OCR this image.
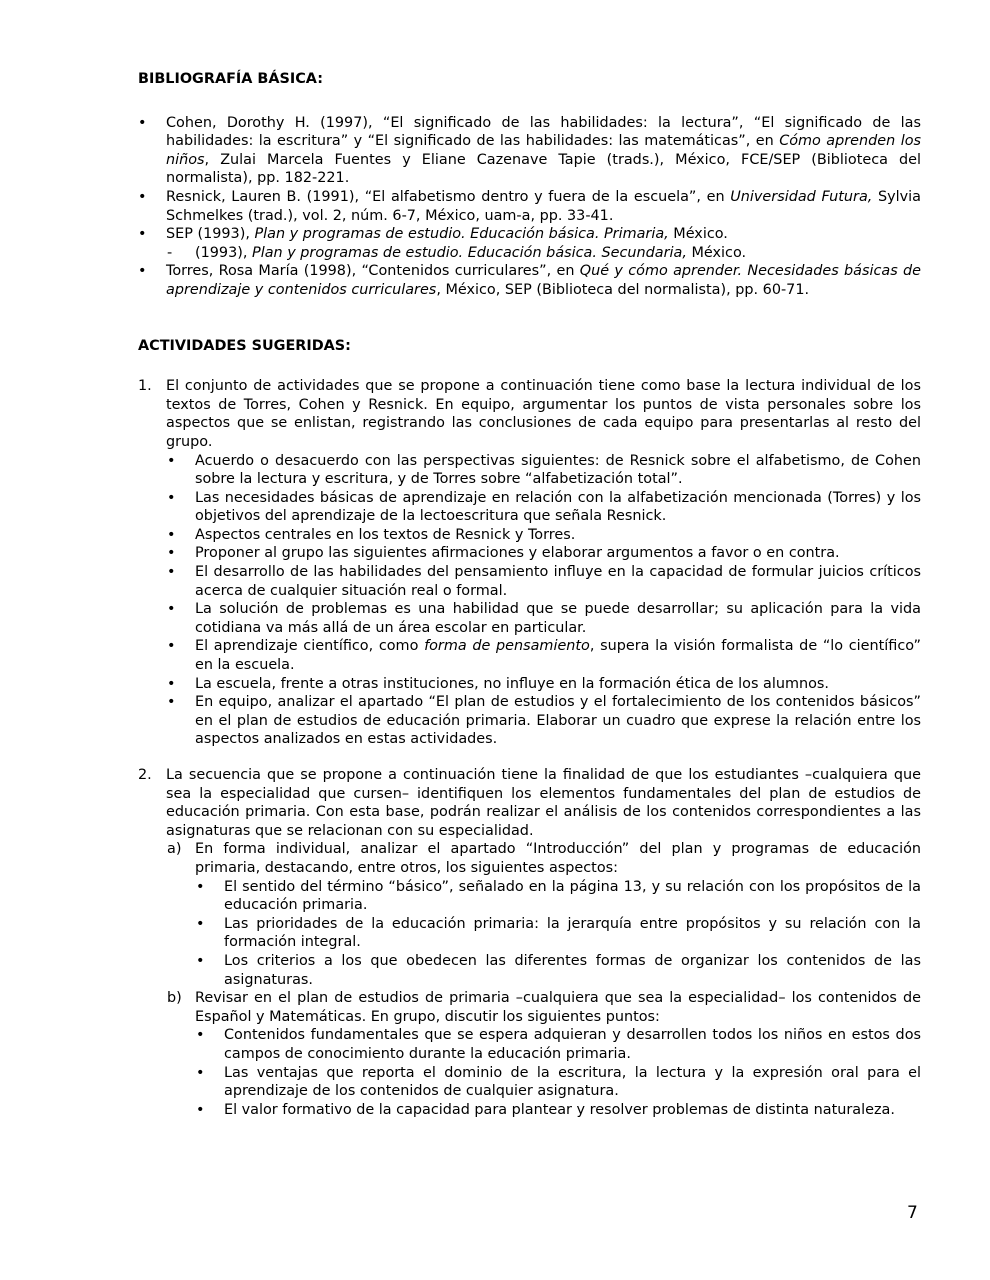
BIBLIOGRAFÍA BÁSICA:

• Cohen, Dorothy H. (1997), “El significado de las habilidades: la lectura”, “El significado de las habilidades: la escritura” y “El significado de las habilidades: las matemáticas”, en Cómo aprenden los niños, Zulai Marcela Fuentes y Eliane Cazenave Tapie (trads.), México, FCE/SEP (Biblioteca del normalista), pp. 182-221.
• Resnick, Lauren B. (1991), “El alfabetismo dentro y fuera de la escuela”, en Universidad Futura, Sylvia Schmelkes (trad.), vol. 2, núm. 6-7, México, uam-a, pp. 33-41.
• SEP (1993), Plan y programas de estudio. Educación básica. Primaria, México.
- (1993), Plan y programas de estudio. Educación básica. Secundaria, México.
• Torres, Rosa María (1998), “Contenidos curriculares”, en Qué y cómo aprender. Necesidades básicas de aprendizaje y contenidos curriculares, México, SEP (Biblioteca del normalista), pp. 60-71.

ACTIVIDADES SUGERIDAS:

1. El conjunto de actividades que se propone a continuación tiene como base la lectura individual de los textos de Torres, Cohen y Resnick. En equipo, argumentar los puntos de vista personales sobre los aspectos que se enlistan, registrando las conclusiones de cada equipo para presentarlas al resto del grupo.
• Acuerdo o desacuerdo con las perspectivas siguientes: de Resnick sobre el alfabetismo, de Cohen sobre la lectura y escritura, y de Torres sobre “alfabetización total”.
• Las necesidades básicas de aprendizaje en relación con la alfabetización mencionada (Torres) y los objetivos del aprendizaje de la lectoescritura que señala Resnick.
• Aspectos centrales en los textos de Resnick y Torres.
• Proponer al grupo las siguientes afirmaciones y elaborar argumentos a favor o en contra.
• El desarrollo de las habilidades del pensamiento influye en la capacidad de formular juicios críticos acerca de cualquier situación real o formal.
• La solución de problemas es una habilidad que se puede desarrollar; su aplicación para la vida cotidiana va más allá de un área escolar en particular.
• El aprendizaje científico, como forma de pensamiento, supera la visión formalista de “lo científico” en la escuela.
• La escuela, frente a otras instituciones, no influye en la formación ética de los alumnos.
• En equipo, analizar el apartado “El plan de estudios y el fortalecimiento de los contenidos básicos” en el plan de estudios de educación primaria. Elaborar un cuadro que exprese la relación entre los aspectos analizados en estas actividades.
2. La secuencia que se propone a continuación tiene la finalidad de que los estudiantes –cualquiera que sea la especialidad que cursen– identifiquen los elementos fundamentales del plan de estudios de educación primaria. Con esta base, podrán realizar el análisis de los contenidos correspondientes a las asignaturas que se relacionan con su especialidad.
a) En forma individual, analizar el apartado “Introducción” del plan y programas de educación primaria, destacando, entre otros, los siguientes aspectos:
• El sentido del término “básico”, señalado en la página 13, y su relación con los propósitos de la educación primaria.
• Las prioridades de la educación primaria: la jerarquía entre propósitos y su relación con la formación integral.
• Los criterios a los que obedecen las diferentes formas de organizar los contenidos de las asignaturas.
b) Revisar en el plan de estudios de primaria –cualquiera que sea la especialidad– los contenidos de Español y Matemáticas. En grupo, discutir los siguientes puntos:
• Contenidos fundamentales que se espera adquieran y desarrollen todos los niños en estos dos campos de conocimiento durante la educación primaria.
• Las ventajas que reporta el dominio de la escritura, la lectura y la expresión oral para el aprendizaje de los contenidos de cualquier asignatura.
• El valor formativo de la capacidad para plantear y resolver problemas de distinta naturaleza.
7
